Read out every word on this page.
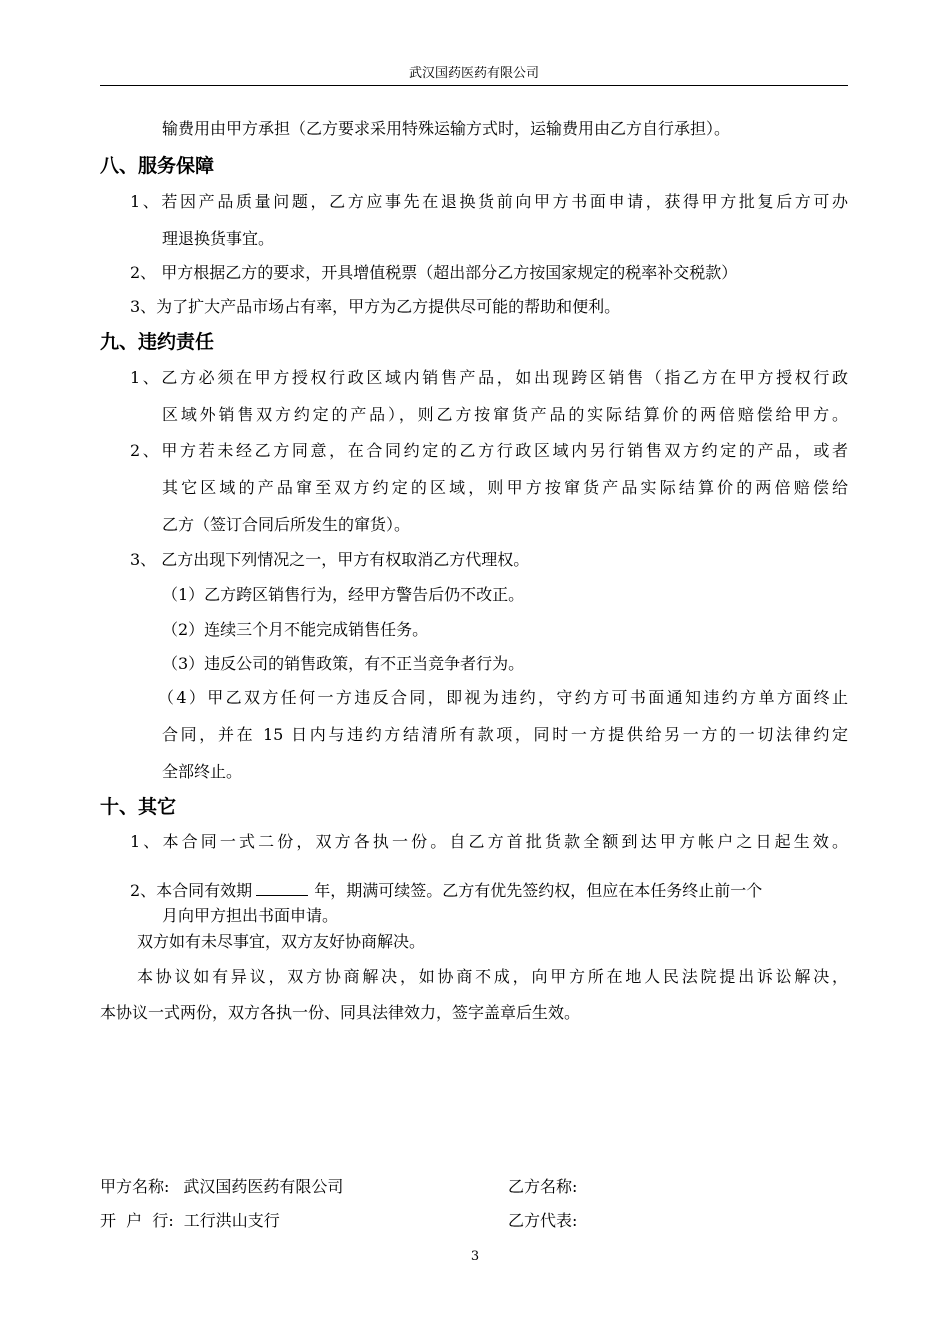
武汉国药医药有限公司
输费用由甲方承担（乙方要求采用特殊运输方式时，运输费用由乙方自行承担）。
八、服务保障
1、若因产品质量问题，乙方应事先在退换货前向甲方书面申请，获得甲方批复后方可办
理退换货事宜。
2、 甲方根据乙方的要求，开具增值税票（超出部分乙方按国家规定的税率补交税款）
3、为了扩大产品市场占有率，甲方为乙方提供尽可能的帮助和便利。
九、违约责任
1、乙方必须在甲方授权行政区域内销售产品，如出现跨区销售（指乙方在甲方授权行政
区域外销售双方约定的产品），则乙方按窜货产品的实际结算价的两倍赔偿给甲方。
2、甲方若未经乙方同意，在合同约定的乙方行政区域内另行销售双方约定的产品，或者
其它区域的产品窜至双方约定的区域，则甲方按窜货产品实际结算价的两倍赔偿给
乙方（签订合同后所发生的窜货）。
3、 乙方出现下列情况之一，甲方有权取消乙方代理权。
（1）乙方跨区销售行为，经甲方警告后仍不改正。
（2）连续三个月不能完成销售任务。
（3）违反公司的销售政策，有不正当竞争者行为。
（4）甲乙双方任何一方违反合同，即视为违约，守约方可书面通知违约方单方面终止
合同，并在 15 日内与违约方结清所有款项，同时一方提供给另一方的一切法律约定
全部终止。
十、其它
1、本合同一式二份，双方各执一份。自乙方首批货款全额到达甲方帐户之日起生效。
2、本合同有效期	年，期满可续签。乙方有优先签约权，但应在本任务终止前一个
月向甲方担出书面申请。
双方如有未尽事宜，双方友好协商解决。
本协议如有异议，双方协商解决，如协商不成，向甲方所在地人民法院提出诉讼解决，
本协议一式两份，双方各执一份、同具法律效力，签字盖章后生效。
甲方名称: 武汉国药医药有限公司
开  户  行: 工行洪山支行
乙方名称:
乙方代表:
3
